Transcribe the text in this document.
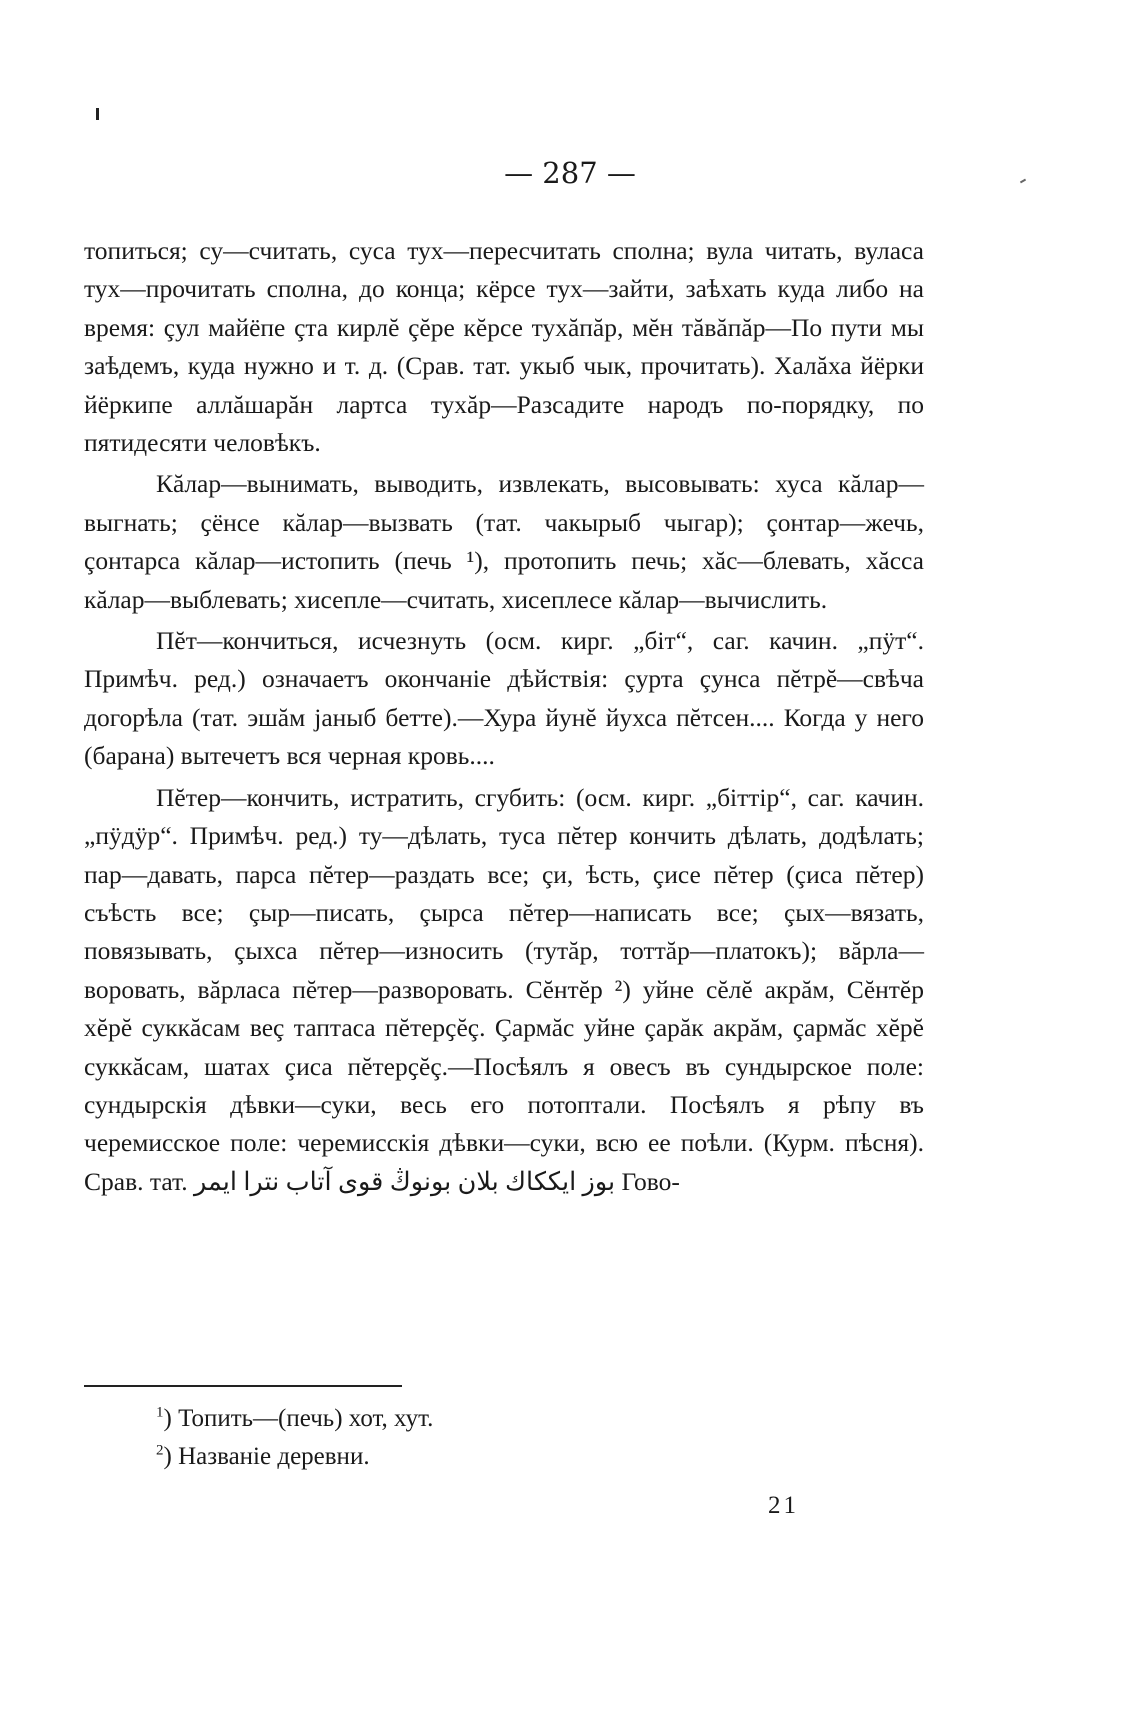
— 287 —

топиться; су—считать, суса тух—пересчитать сполна; вула читать, вуласа тух—прочитать сполна, до конца; кёрсе тух—зайти, заѣхать куда либо на время: çул майёпе çта кирлĕ çĕре кĕрсе тухăпăр, мĕн тăвăпăр—По пути мы заѣдемъ, куда нужно и т. д. (Срав. тат. укыб чык, прочитать). Халăха йёрки йёркипе аллăшарăн лартса тухăр—Разсадите народъ по-порядку, по пятидесяти человѣкъ.

Кăлар—вынимать, выводить, извлекать, высовывать: хуса кăлар—выгнать; ҫёнсе кăлар—вызвать (тат. чакырыб чыгар); çонтар—жечь, çонтарса кăлар—истопить (печь ¹), протопить печь; хăс—блевать, хăсса кăлар—выблевать; хисепле—считать, хисеплесе кăлар—вычислить.

Пĕт—кончиться, исчезнуть (осм. кирг. „бiт“, саг. качин. „пÿт“. Примѣч. ред.) означаетъ окончаніе дѣйствія: çурта çунса пĕтрĕ—свѣча догорѣла (тат. эшăм jаныб бетте).—Хура йунĕ йухса пĕтсен.... Когда у него (барана) вытечетъ вся черная кровь....

Пĕтер—кончить, истратить, сгубить: (осм. кирг. „біттiр“, саг. качин. „пÿдÿр“. Примѣч. ред.) ту—дѣлать, туса пĕтер кончить дѣлать, додѣлать; пар—давать, парса пĕтер—раздать все; çи, ѣсть, çисе пĕтер (çиса пĕтер) съѣсть все; çыр—писать, çырса пĕтер—написать все; çых—вязать, повязывать, çыхса пĕтер—износить (тутăр, тоттăр—платокъ); вăрла—воровать, вăрласа пĕтер—разворовать. Сĕнтĕр ²) уйне сĕлĕ акрăм, Сĕнтĕр хĕрĕ суккăсам веç таптаса пĕтерҫĕç. Çармăс уйне çарăк акрăм, çармăс хĕрĕ суккăсам, шатах çиса пĕтерҫĕç.—Посѣялъ я овесъ въ сундырское поле: сундырскія дѣвки—суки, весь его потоптали. Посѣялъ я рѣпу въ черемисское поле: черемисскія дѣвки—суки, всю ее поѣли. (Курм. пѣсня). Срав. тат. بوز ایككاك بلان بونوڭ قوی آتاب نترا ایمر Гово-

$^1$) Топить—(печь) хот, хут.
$^2$) Названіе деревни.
21
